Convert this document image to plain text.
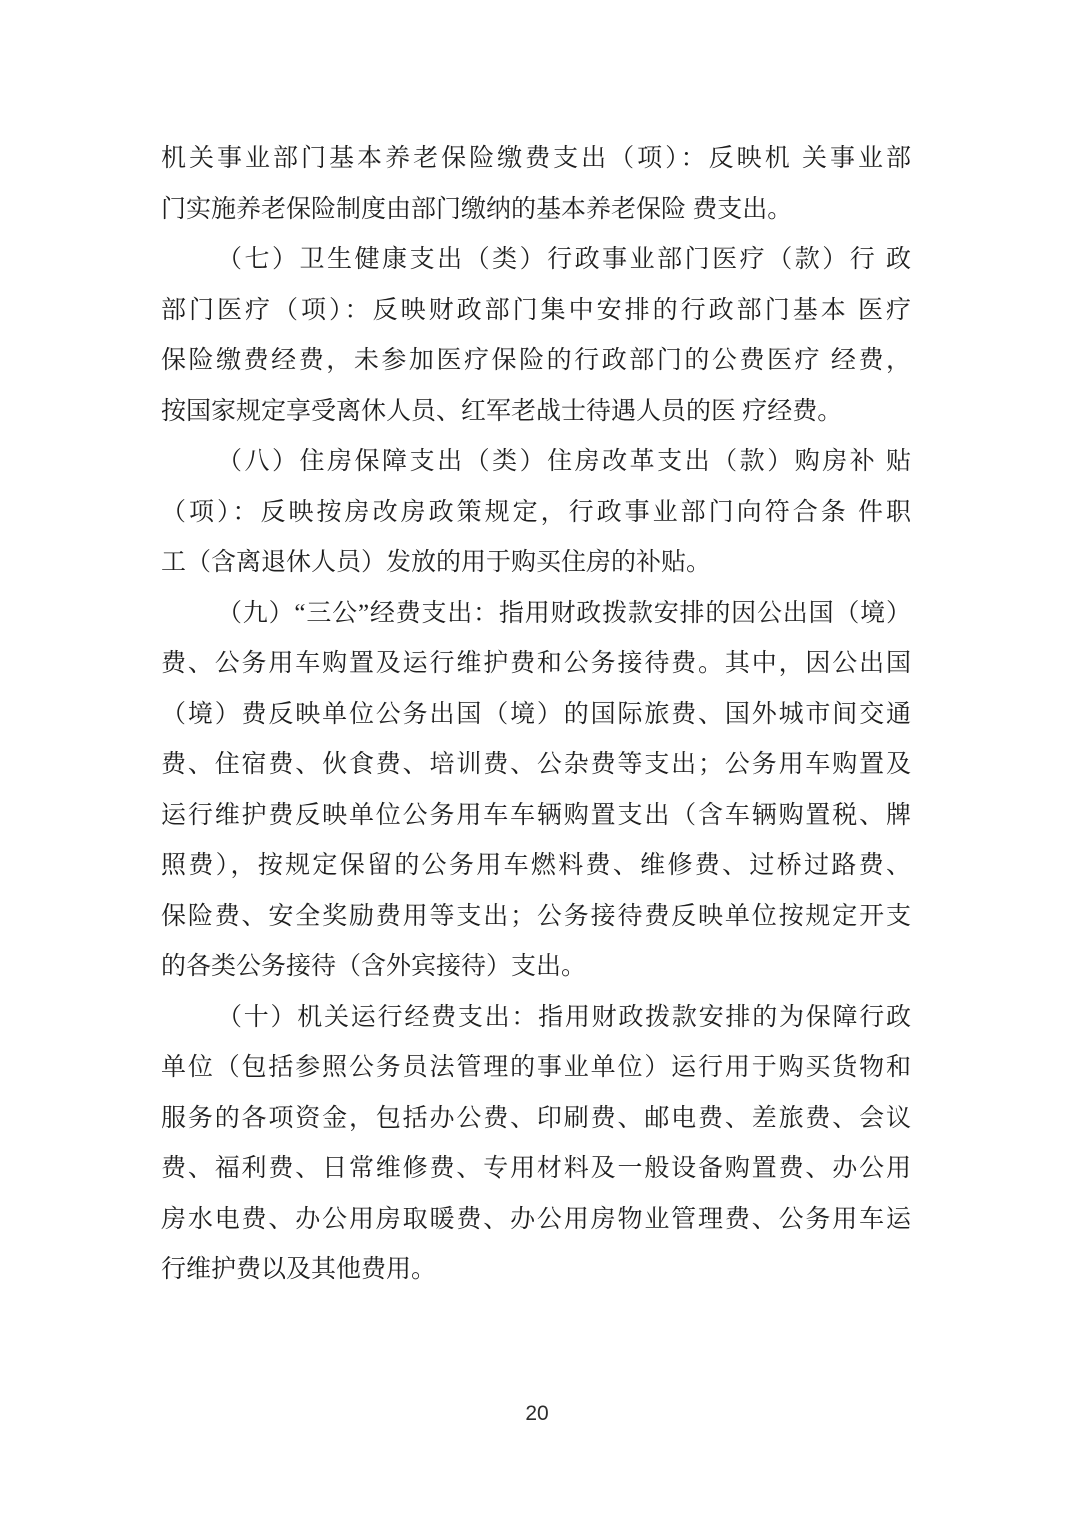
机关事业部门基本养老保险缴费支出（项）：反映机 关事业部
门实施养老保险制度由部门缴纳的基本养老保险 费支出。
（七）卫生健康支出（类）行政事业部门医疗（款）行 政
部门医疗（项）：反映财政部门集中安排的行政部门基本 医疗
保险缴费经费，未参加医疗保险的行政部门的公费医疗 经费，
按国家规定享受离休人员、红军老战士待遇人员的医 疗经费。
（八）住房保障支出（类）住房改革支出（款）购房补 贴
（项）：反映按房改房政策规定，行政事业部门向符合条 件职
工（含离退休人员）发放的用于购买住房的补贴。
（九）“三公”经费支出：指用财政拨款安排的因公出国（境）
费、公务用车购置及运行维护费和公务接待费。其中，因公出国
（境）费反映单位公务出国（境）的国际旅费、国外城市间交通
费、住宿费、伙食费、培训费、公杂费等支出；公务用车购置及
运行维护费反映单位公务用车车辆购置支出（含车辆购置税、牌
照费），按规定保留的公务用车燃料费、维修费、过桥过路费、
保险费、安全奖励费用等支出；公务接待费反映单位按规定开支
的各类公务接待（含外宾接待）支出。
（十）机关运行经费支出：指用财政拨款安排的为保障行政
单位（包括参照公务员法管理的事业单位）运行用于购买货物和
服务的各项资金，包括办公费、印刷费、邮电费、差旅费、会议
费、福利费、日常维修费、专用材料及一般设备购置费、办公用
房水电费、办公用房取暖费、办公用房物业管理费、公务用车运
行维护费以及其他费用。
20
